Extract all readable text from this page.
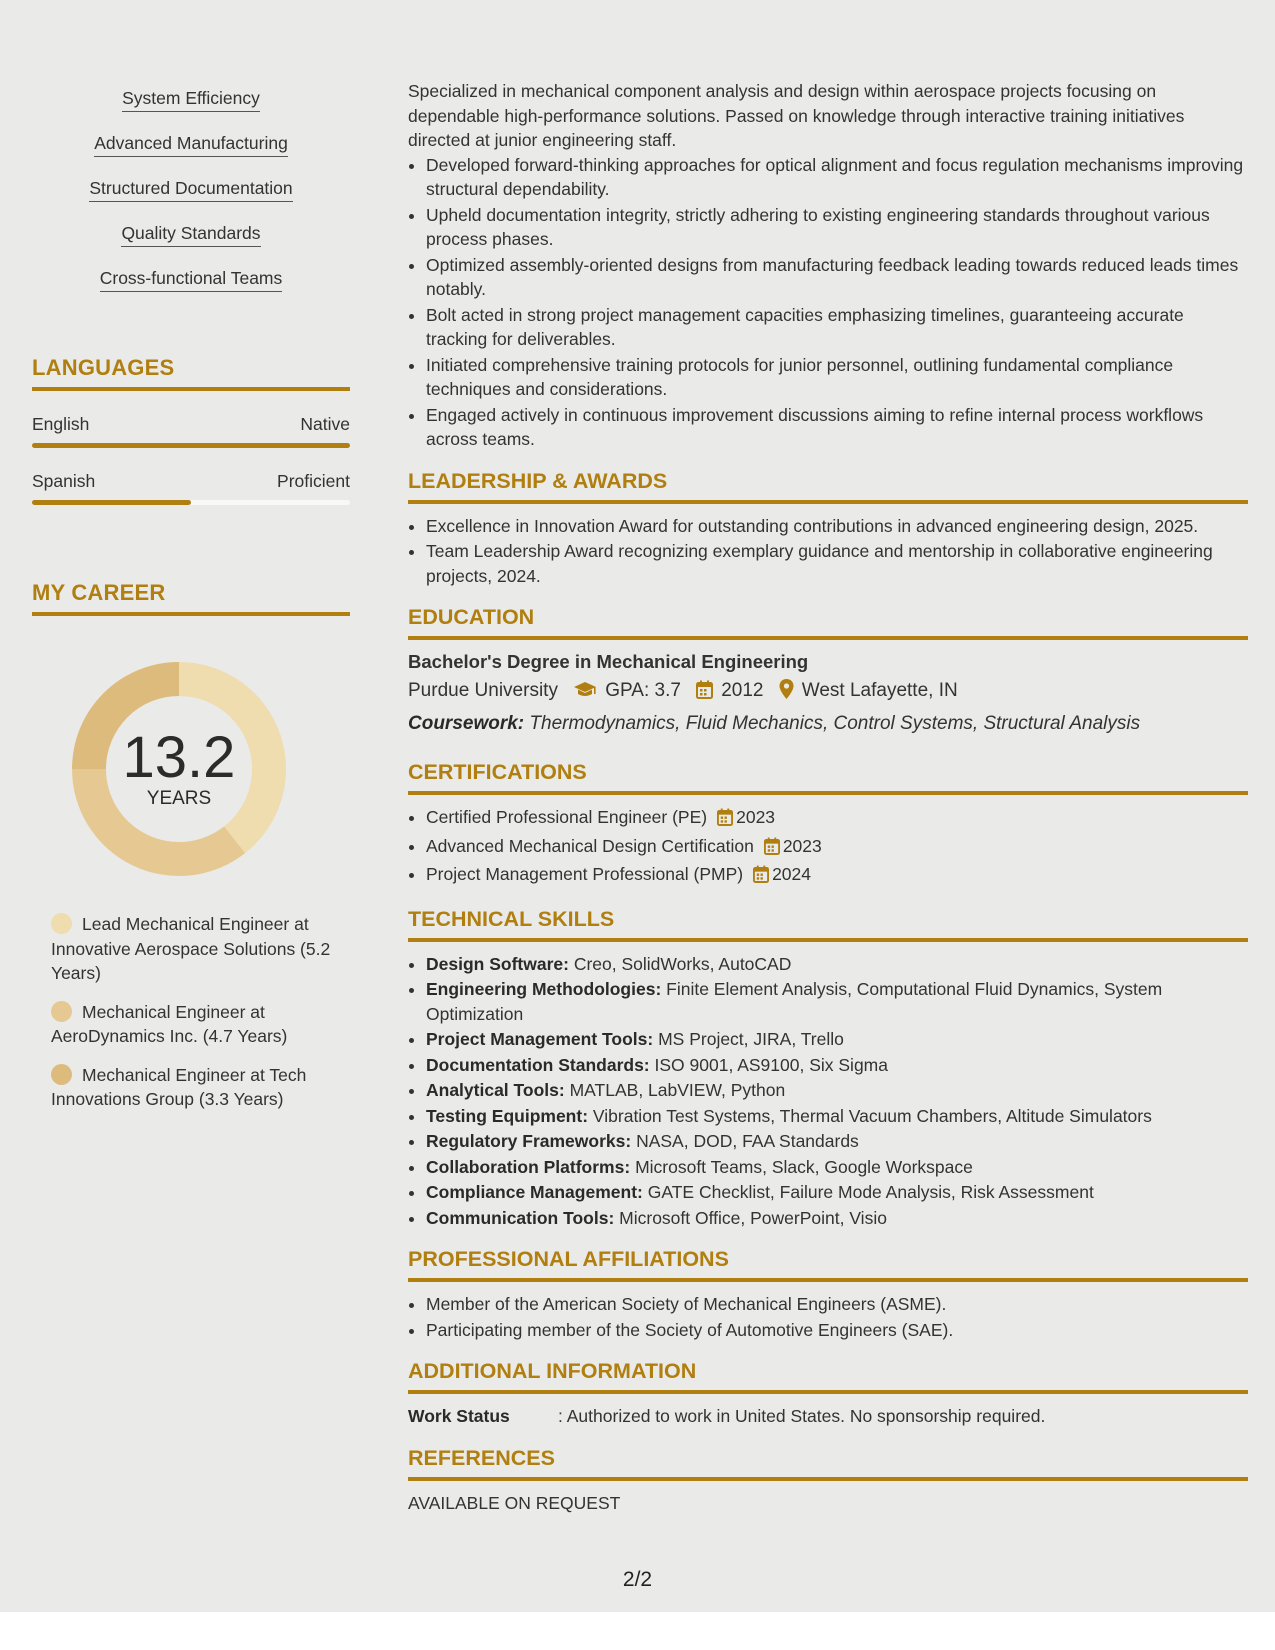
System Efficiency
Advanced Manufacturing
Structured Documentation
Quality Standards
Cross-functional Teams
LANGUAGES
English	Native
Spanish	Proficient
MY CAREER
13.2
YEARS
Lead Mechanical Engineer at Innovative Aerospace Solutions (5.2 Years)
Mechanical Engineer at AeroDynamics Inc. (4.7 Years)
Mechanical Engineer at Tech Innovations Group (3.3 Years)
Specialized in mechanical component analysis and design within aerospace projects focusing on dependable high-performance solutions. Passed on knowledge through interactive training initiatives directed at junior engineering staff.
• Developed forward-thinking approaches for optical alignment and focus regulation mechanisms improving structural dependability.
• Upheld documentation integrity, strictly adhering to existing engineering standards throughout various process phases.
• Optimized assembly-oriented designs from manufacturing feedback leading towards reduced leads times notably.
• Bolt acted in strong project management capacities emphasizing timelines, guaranteeing accurate tracking for deliverables.
• Initiated comprehensive training protocols for junior personnel, outlining fundamental compliance techniques and considerations.
• Engaged actively in continuous improvement discussions aiming to refine internal process workflows across teams.
LEADERSHIP & AWARDS
• Excellence in Innovation Award for outstanding contributions in advanced engineering design, 2025.
• Team Leadership Award recognizing exemplary guidance and mentorship in collaborative engineering projects, 2024.
EDUCATION
Bachelor's Degree in Mechanical Engineering
Purdue University GPA: 3.7 2012 West Lafayette, IN
Coursework: Thermodynamics, Fluid Mechanics, Control Systems, Structural Analysis
CERTIFICATIONS
• Certified Professional Engineer (PE) 2023
• Advanced Mechanical Design Certification 2023
• Project Management Professional (PMP) 2024
TECHNICAL SKILLS
• Design Software: Creo, SolidWorks, AutoCAD
• Engineering Methodologies: Finite Element Analysis, Computational Fluid Dynamics, System Optimization
• Project Management Tools: MS Project, JIRA, Trello
• Documentation Standards: ISO 9001, AS9100, Six Sigma
• Analytical Tools: MATLAB, LabVIEW, Python
• Testing Equipment: Vibration Test Systems, Thermal Vacuum Chambers, Altitude Simulators
• Regulatory Frameworks: NASA, DOD, FAA Standards
• Collaboration Platforms: Microsoft Teams, Slack, Google Workspace
• Compliance Management: GATE Checklist, Failure Mode Analysis, Risk Assessment
• Communication Tools: Microsoft Office, PowerPoint, Visio
PROFESSIONAL AFFILIATIONS
• Member of the American Society of Mechanical Engineers (ASME).
• Participating member of the Society of Automotive Engineers (SAE).
ADDITIONAL INFORMATION
Work Status	: Authorized to work in United States. No sponsorship required.
REFERENCES
AVAILABLE ON REQUEST
2/2
